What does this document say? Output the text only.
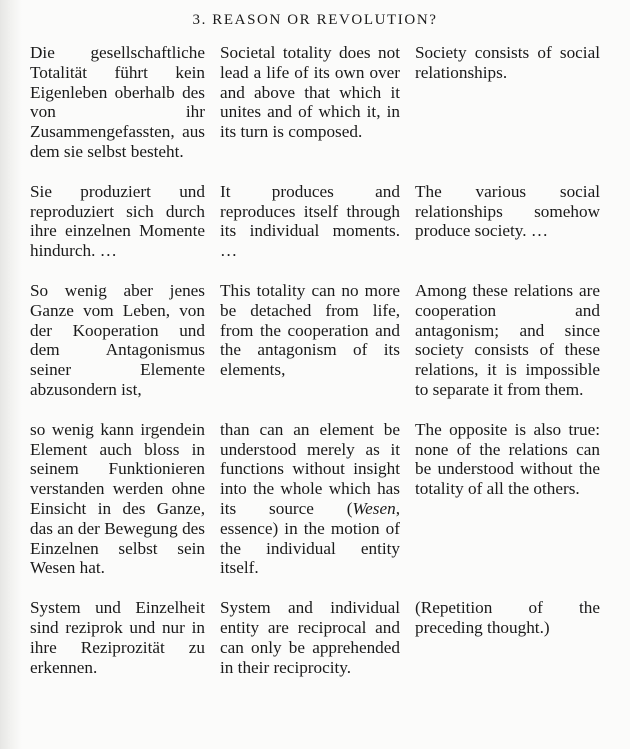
3. REASON OR REVOLUTION?
Die gesellschaftliche Totalität führt kein Eigenleben oberhalb des von ihr Zusammengefassten, aus dem sie selbst besteht.
Societal totality does not lead a life of its own over and above that which it unites and of which it, in its turn is composed.
Society consists of social relationships.
Sie produziert und reproduziert sich durch ihre einzelnen Momente hindurch. …
It produces and reproduces itself through its individual moments. …
The various social relationships somehow produce society. …
So wenig aber jenes Ganze vom Leben, von der Kooperation und dem Antagonismus seiner Elemente abzusondern ist,
This totality can no more be detached from life, from the cooperation and the antagonism of its elements,
Among these relations are cooperation and antagonism; and since society consists of these relations, it is impossible to separate it from them.
so wenig kann irgendein Element auch bloss in seinem Funktionieren verstanden werden ohne Einsicht in des Ganze, das an der Bewegung des Einzelnen selbst sein Wesen hat.
than can an element be understood merely as it functions without insight into the whole which has its source (Wesen, essence) in the motion of the individual entity itself.
The opposite is also true: none of the relations can be understood without the totality of all the others.
System und Einzelheit sind reziprok und nur in ihre Reziprozität zu erkennen.
System and individual entity are reciprocal and can only be apprehended in their reciprocity.
(Repetition of the preceding thought.)
